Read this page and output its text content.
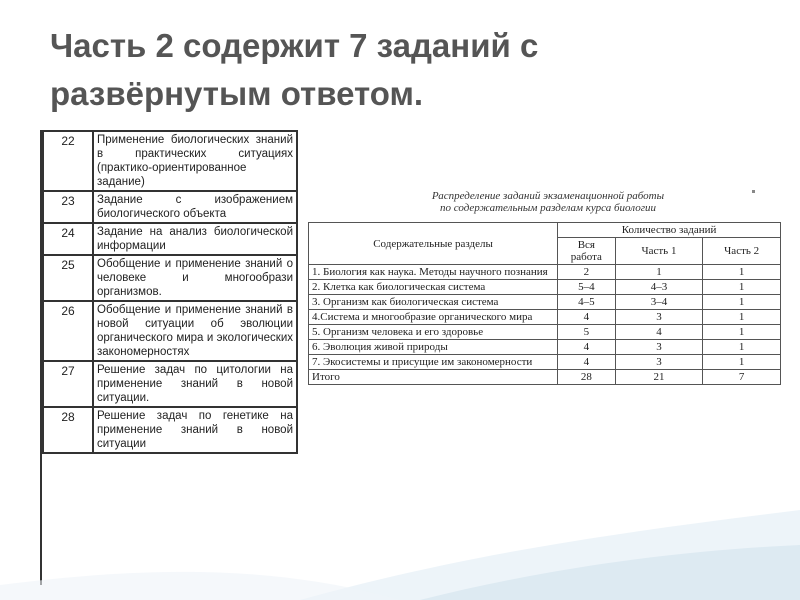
Часть 2 содержит 7 заданий с развёрнутым ответом.
22	Применение биологических знаний в практических ситуациях (практико-ориентированное задание)
23	Задание с изображением биологического объекта
24	Задание на анализ биологической информации
25	Обобщение и применение знаний о человеке и многообрази организмов.
26	Обобщение и применение знаний в новой ситуации об эволюции органического мира и экологических закономерностях
27	Решение задач по цитологии на применение знаний в новой ситуации.
28	Решение задач по генетике на применение знаний в новой ситуации
Распределение заданий экзаменационной работы
по содержательным разделам курса биологии
Содержательные разделы	Количество заданий		
	Вся работа	Часть 1	Часть 2
1. Биология как наука. Методы научного познания	2	1	1
2. Клетка как биологическая система	5–4	4–3	1
3. Организм как биологическая система	4–5	3–4	1
4.Система и многообразие органического мира	4	3	1
5. Организм человека и его здоровье	5	4	1
6. Эволюция живой природы	4	3	1
7. Экосистемы и присущие им закономерности	4	3	1
Итого	28	21	7
